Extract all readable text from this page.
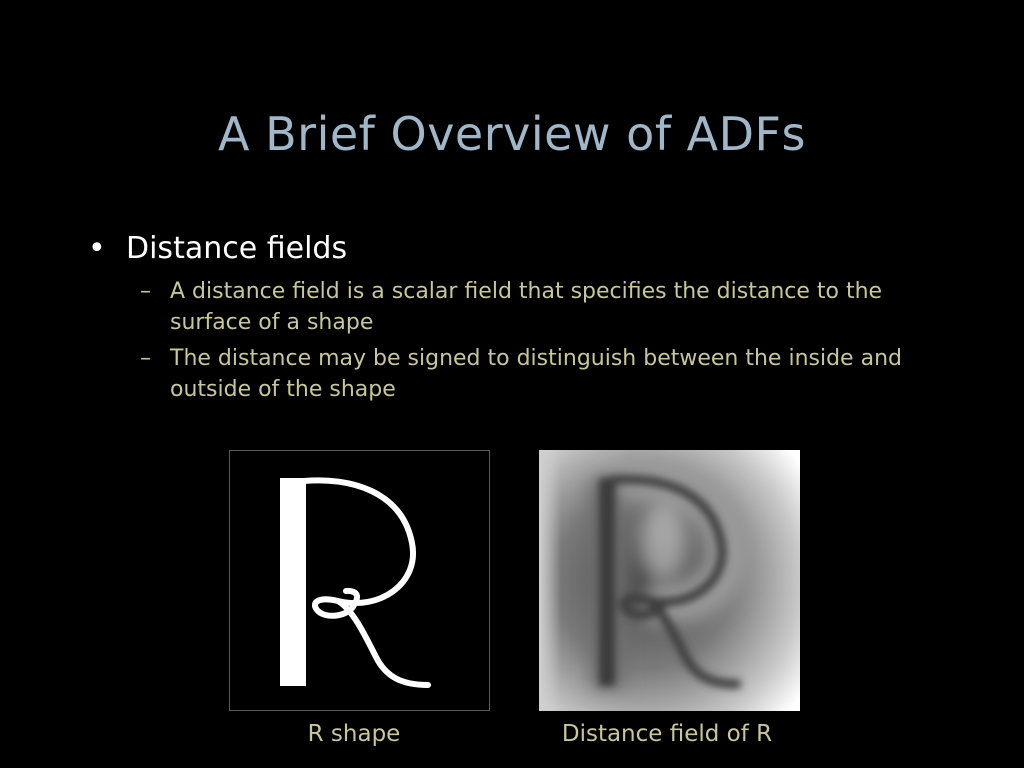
A Brief Overview of ADFs
• Distance fields
– A distance field is a scalar field that specifies the distance to the surface of a shape
– The distance may be signed to distinguish between the inside and outside of the shape
R shape	Distance field of R
